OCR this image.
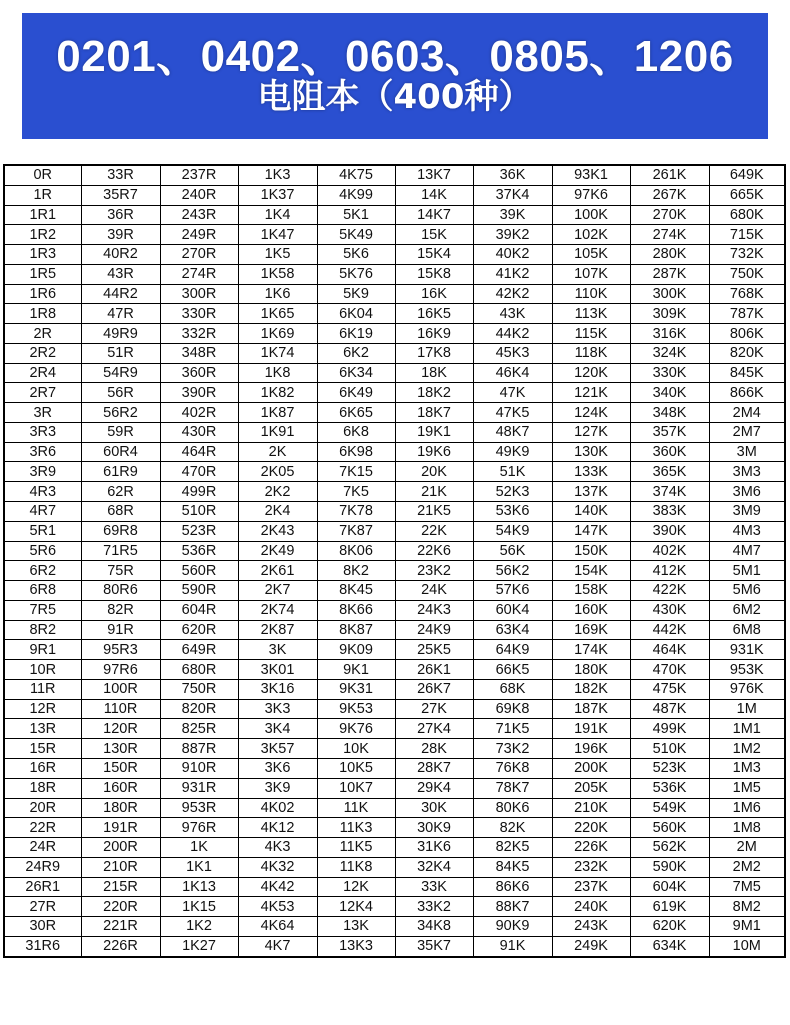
0201、0402、0603、0805、1206
电阻本（400种）
0R	33R	237R	1K3	4K75	13K7	36K	93K1	261K	649K
1R	35R7	240R	1K37	4K99	14K	37K4	97K6	267K	665K
1R1	36R	243R	1K4	5K1	14K7	39K	100K	270K	680K
1R2	39R	249R	1K47	5K49	15K	39K2	102K	274K	715K
1R3	40R2	270R	1K5	5K6	15K4	40K2	105K	280K	732K
1R5	43R	274R	1K58	5K76	15K8	41K2	107K	287K	750K
1R6	44R2	300R	1K6	5K9	16K	42K2	110K	300K	768K
1R8	47R	330R	1K65	6K04	16K5	43K	113K	309K	787K
2R	49R9	332R	1K69	6K19	16K9	44K2	115K	316K	806K
2R2	51R	348R	1K74	6K2	17K8	45K3	118K	324K	820K
2R4	54R9	360R	1K8	6K34	18K	46K4	120K	330K	845K
2R7	56R	390R	1K82	6K49	18K2	47K	121K	340K	866K
3R	56R2	402R	1K87	6K65	18K7	47K5	124K	348K	2M4
3R3	59R	430R	1K91	6K8	19K1	48K7	127K	357K	2M7
3R6	60R4	464R	2K	6K98	19K6	49K9	130K	360K	3M
3R9	61R9	470R	2K05	7K15	20K	51K	133K	365K	3M3
4R3	62R	499R	2K2	7K5	21K	52K3	137K	374K	3M6
4R7	68R	510R	2K4	7K78	21K5	53K6	140K	383K	3M9
5R1	69R8	523R	2K43	7K87	22K	54K9	147K	390K	4M3
5R6	71R5	536R	2K49	8K06	22K6	56K	150K	402K	4M7
6R2	75R	560R	2K61	8K2	23K2	56K2	154K	412K	5M1
6R8	80R6	590R	2K7	8K45	24K	57K6	158K	422K	5M6
7R5	82R	604R	2K74	8K66	24K3	60K4	160K	430K	6M2
8R2	91R	620R	2K87	8K87	24K9	63K4	169K	442K	6M8
9R1	95R3	649R	3K	9K09	25K5	64K9	174K	464K	931K
10R	97R6	680R	3K01	9K1	26K1	66K5	180K	470K	953K
11R	100R	750R	3K16	9K31	26K7	68K	182K	475K	976K
12R	110R	820R	3K3	9K53	27K	69K8	187K	487K	1M
13R	120R	825R	3K4	9K76	27K4	71K5	191K	499K	1M1
15R	130R	887R	3K57	10K	28K	73K2	196K	510K	1M2
16R	150R	910R	3K6	10K5	28K7	76K8	200K	523K	1M3
18R	160R	931R	3K9	10K7	29K4	78K7	205K	536K	1M5
20R	180R	953R	4K02	11K	30K	80K6	210K	549K	1M6
22R	191R	976R	4K12	11K3	30K9	82K	220K	560K	1M8
24R	200R	1K	4K3	11K5	31K6	82K5	226K	562K	2M
24R9	210R	1K1	4K32	11K8	32K4	84K5	232K	590K	2M2
26R1	215R	1K13	4K42	12K	33K	86K6	237K	604K	7M5
27R	220R	1K15	4K53	12K4	33K2	88K7	240K	619K	8M2
30R	221R	1K2	4K64	13K	34K8	90K9	243K	620K	9M1
31R6	226R	1K27	4K7	13K3	35K7	91K	249K	634K	10M
